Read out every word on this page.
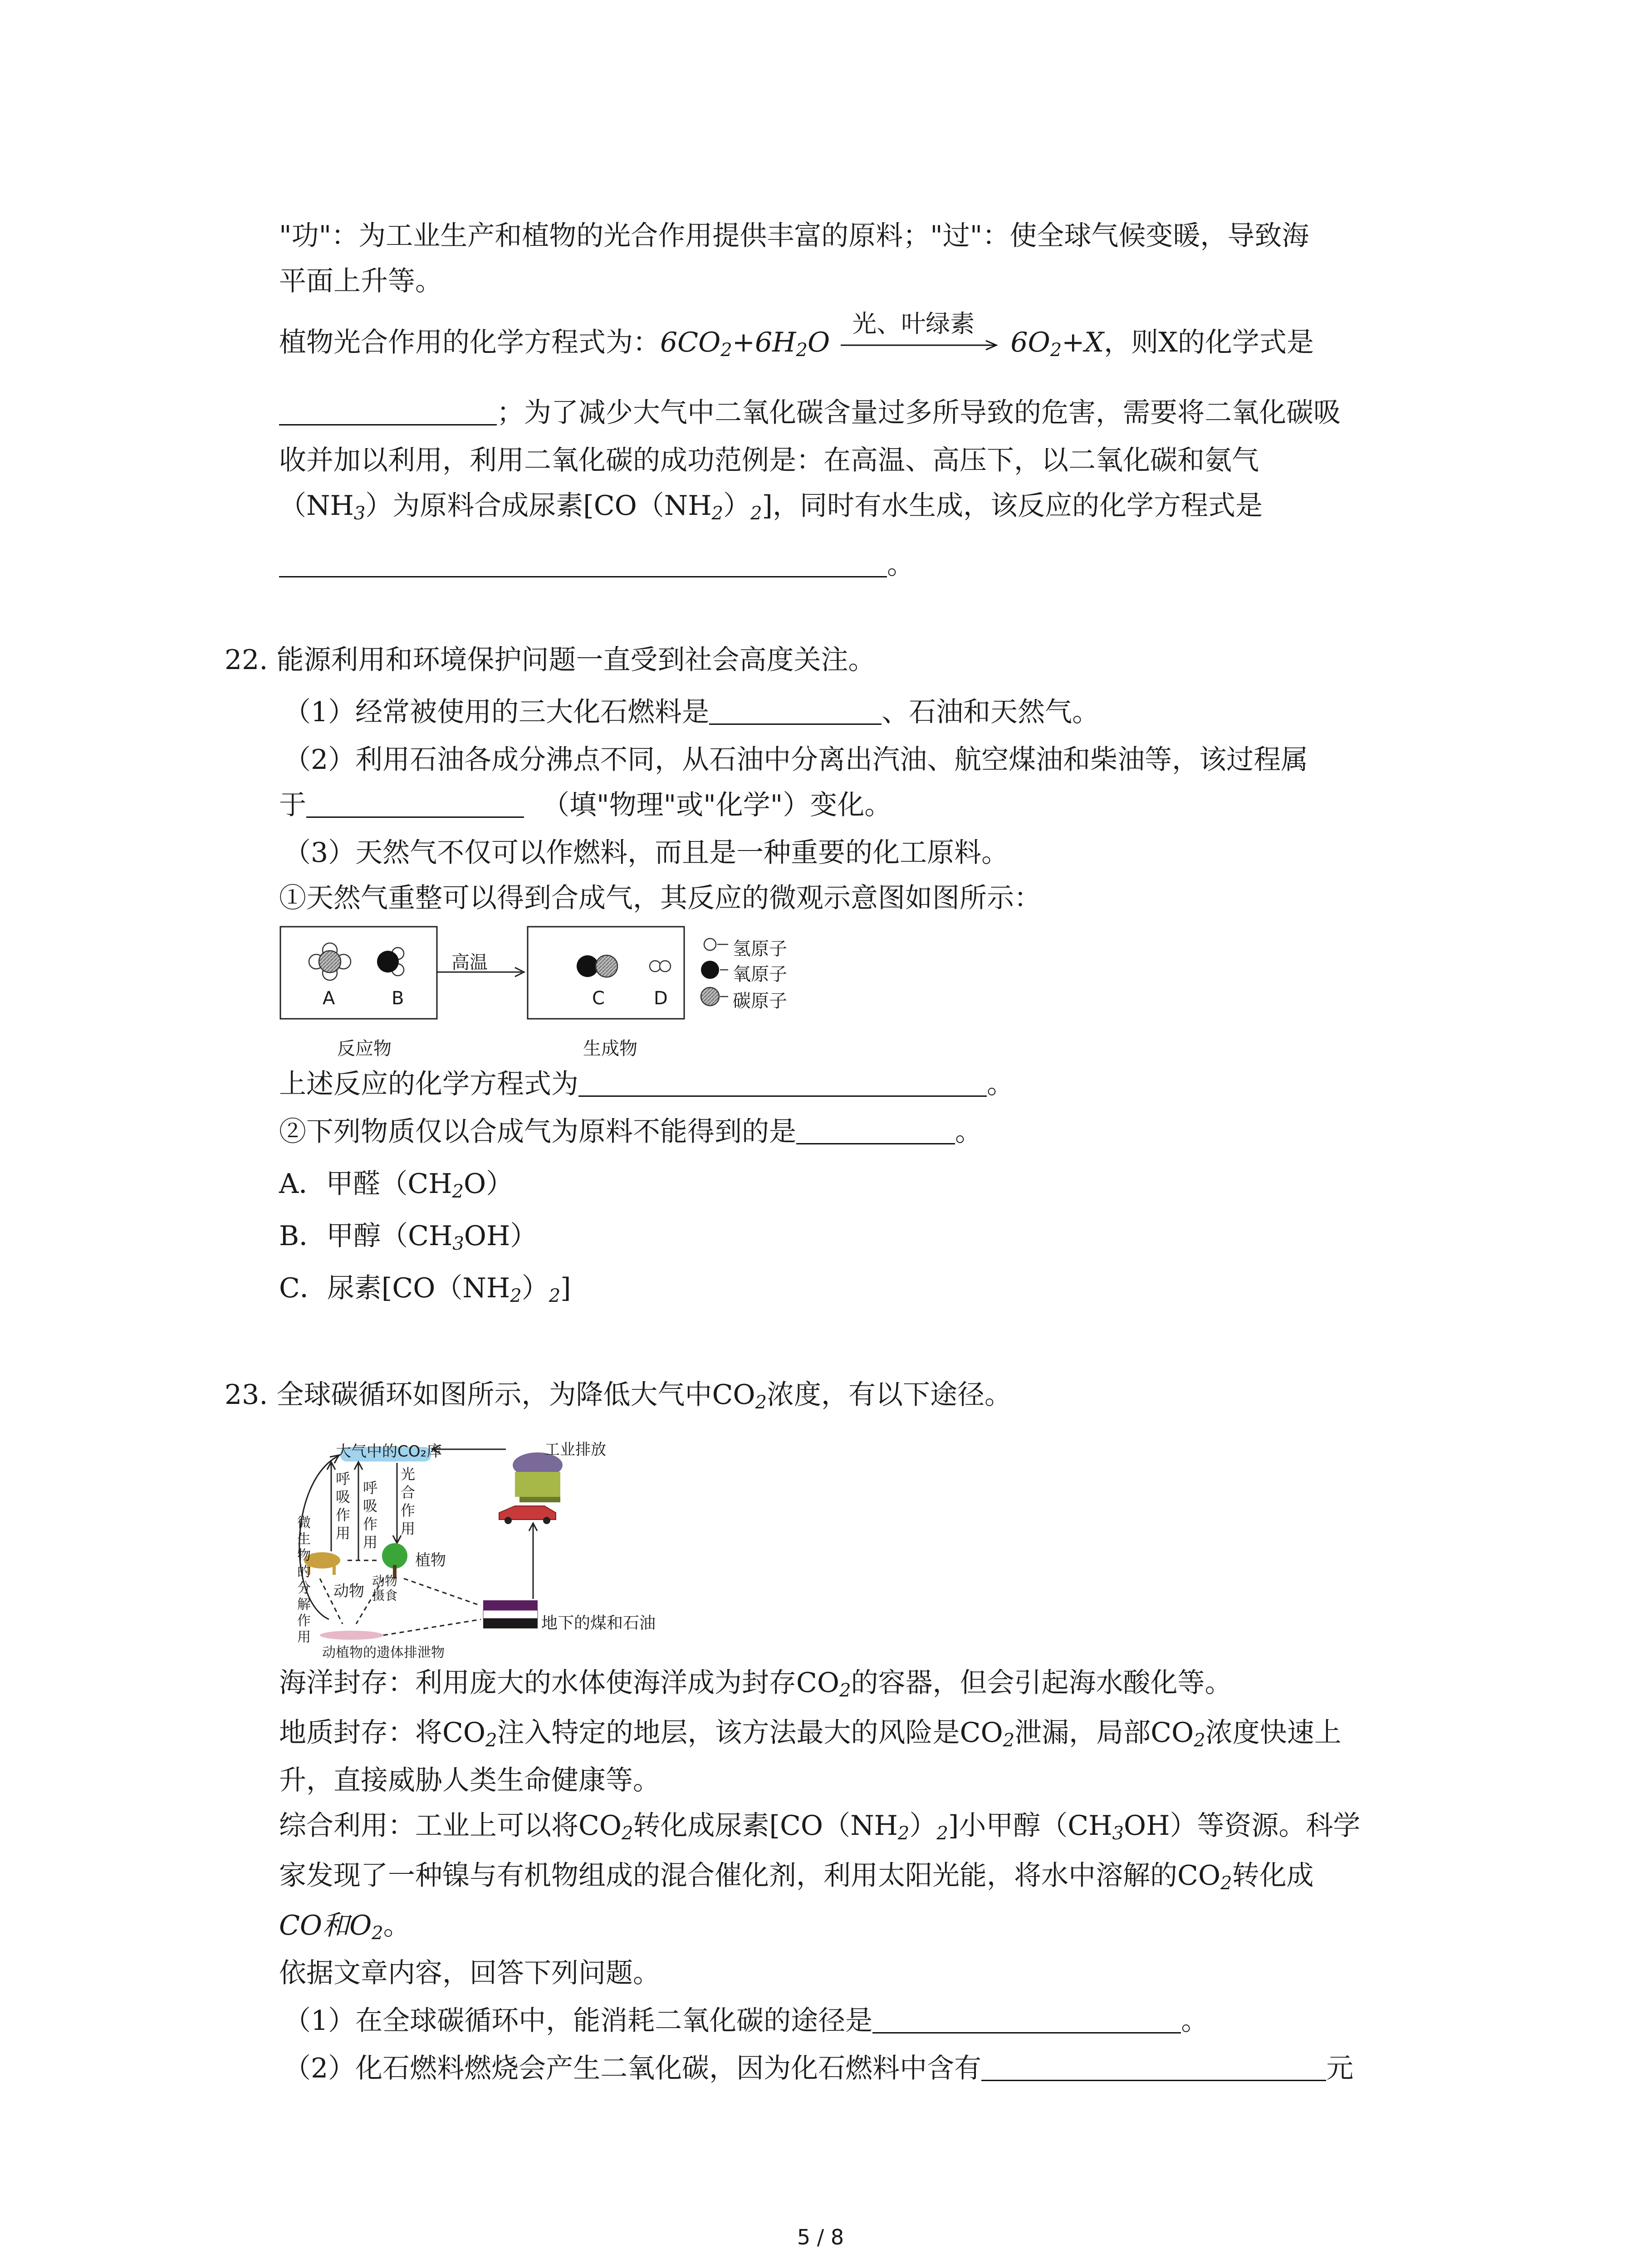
"功"：为工业生产和植物的光合作用提供丰富的原料；"过"：使全球气候变暖，导致海
平面上升等。
植物光合作用的化学方程式为：$6CO_2+6H_2O$
光、叶绿素
$6O_2+X$，则X的化学式是
；为了减少大气中二氧化碳含量过多所导致的危害，需要将二氧化碳吸
收并加以利用，利用二氧化碳的成功范例是：在高温、高压下，以二氧化碳和氨气
$(NH_3)$为原料合成尿素$[CO(NH_2)_2]$，同时有水生成，该反应的化学方程式是
。
22. 能源利用和环境保护问题一直受到社会高度关注。
（1）经常被使用的三大化石燃料是	、石油和天然气。
（2）利用石油各成分沸点不同，从石油中分离出汽油、航空煤油和柴油等，该过程属
于	（填"物理"或"化学"）变化。
（3）天然气不仅可以作燃料，而且是一种重要的化工原料。
①天然气重整可以得到合成气，其反应的微观示意图如图所示：
高温
A	B	C	D
反应物	生成物
氢原子
氧原子
碳原子
上述反应的化学方程式为	。
②下列物质仅以合成气为原料不能得到的是	。
A．甲醛$(CH_2O)$
B．甲醇$(CH_3OH)$
C．尿素$[CO(NH_2)_2]$
23. 全球碳循环如图所示，为降低大气中$CO_2$浓度，有以下途径。
大气中的CO₂库	工业排放
呼吸作用
呼吸作用
光合作用
微生物的分解作用
动物
动物摄食
植物
动植物的遗体排泄物
地下的煤和石油
海洋封存：利用庞大的水体使海洋成为封存$CO_2$的容器，但会引起海水酸化等。
地质封存：将$CO_2$注入特定的地层，该方法最大的风险是$CO_2$泄漏，局部$CO_2$浓度快速上
升，直接威胁人类生命健康等。
综合利用：工业上可以将$CO_2$转化成尿素$[CO(NH_2)_2]$小甲醇$(CH_3OH)$等资源。科学
家发现了一种镍与有机物组成的混合催化剂，利用太阳光能，将水中溶解的$CO_2$转化成
CO和$O_2$。
依据文章内容，回答下列问题。
（1）在全球碳循环中，能消耗二氧化碳的途径是	。
（2）化石燃料燃烧会产生二氧化碳，因为化石燃料中含有	元
5 / 8
